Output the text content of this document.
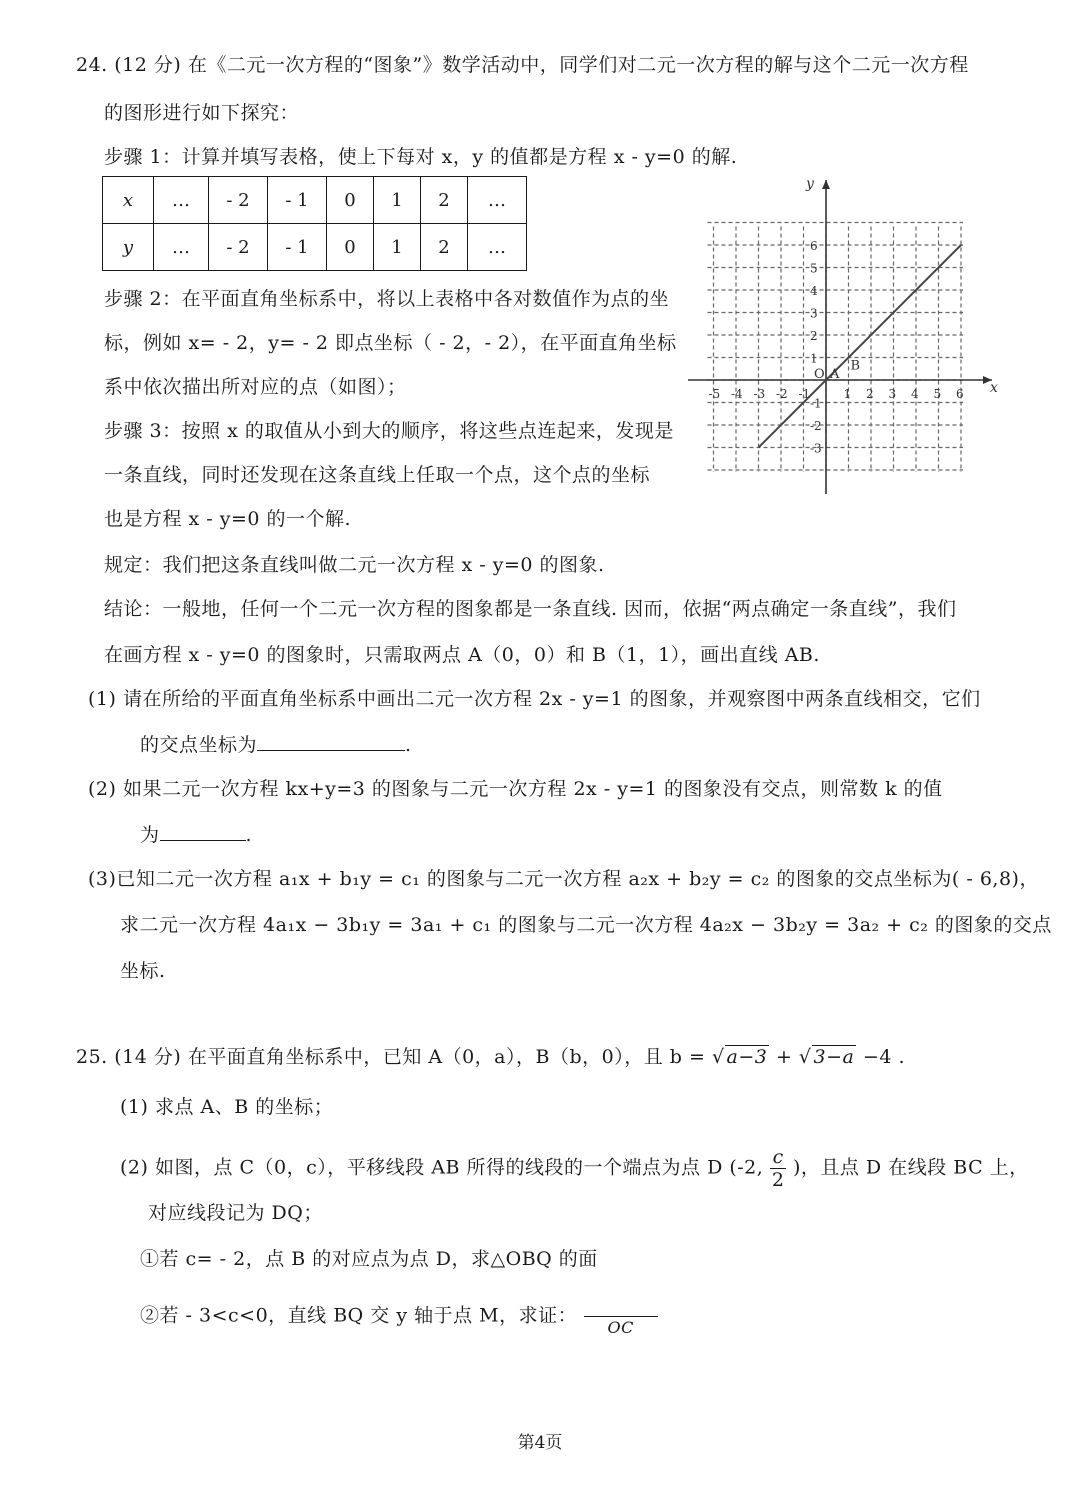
24. (12 分) 在《二元一次方程的“图象”》数学活动中，同学们对二元一次方程的解与这个二元一次方程
的图形进行如下探究：
步骤 1：计算并填写表格，使上下每对 x，y 的值都是方程 x - y=0 的解.
x	…	- 2	- 1	0	1	2	…
y	…	- 2	- 1	0	1	2	…
-5 -4 -3 -2 -1	1 2 3 4 5 6
6
5
4
3
2
1
-1
-2
-3
x
y
O A
B
步骤 2：在平面直角坐标系中，将以上表格中各对数值作为点的坐
标，例如 x= - 2，y= - 2 即点坐标（ - 2，- 2），在平面直角坐标
系中依次描出所对应的点（如图）；
步骤 3：按照 x 的取值从小到大的顺序，将这些点连起来，发现是
一条直线，同时还发现在这条直线上任取一个点，这个点的坐标
也是方程 x - y=0 的一个解.
规定：我们把这条直线叫做二元一次方程 x - y=0 的图象.
结论：一般地，任何一个二元一次方程的图象都是一条直线. 因而，依据“两点确定一条直线”，我们
在画方程 x - y=0 的图象时，只需取两点 A（0，0）和 B（1，1），画出直线 AB.
(1) 请在所给的平面直角坐标系中画出二元一次方程 2x - y=1 的图象，并观察图中两条直线相交，它们
的交点坐标为	.
(2) 如果二元一次方程 kx+y=3 的图象与二元一次方程 2x - y=1 的图象没有交点，则常数 k 的值
为	.
(3)已知二元一次方程 a₁x + b₁y = c₁ 的图象与二元一次方程 a₂x + b₂y = c₂ 的图象的交点坐标为( - 6,8)，
求二元一次方程 4a₁x − 3b₁y = 3a₁ + c₁ 的图象与二元一次方程 4a₂x − 3b₂y = 3a₂ + c₂ 的图象的交点
坐标.
25. (14 分) 在平面直角坐标系中，已知 A（0，a），B（b，0），且 b = √ a−3 + √ 3−a −4 .
(1) 求点 A、B 的坐标；
(2) 如图，点 C（0，c），平移线段 AB 所得的线段的一个端点为点 D (-2, $\frac{c}{2}$ )，且点 D 在线段 BC 上，
对应线段记为 DQ；
①若 c= - 2，点 B 的对应点为点 D，求△OBQ 的面
②若 - 3<c<0，直线 BQ 交 y 轴于点 M，求证：
OC
第4页
